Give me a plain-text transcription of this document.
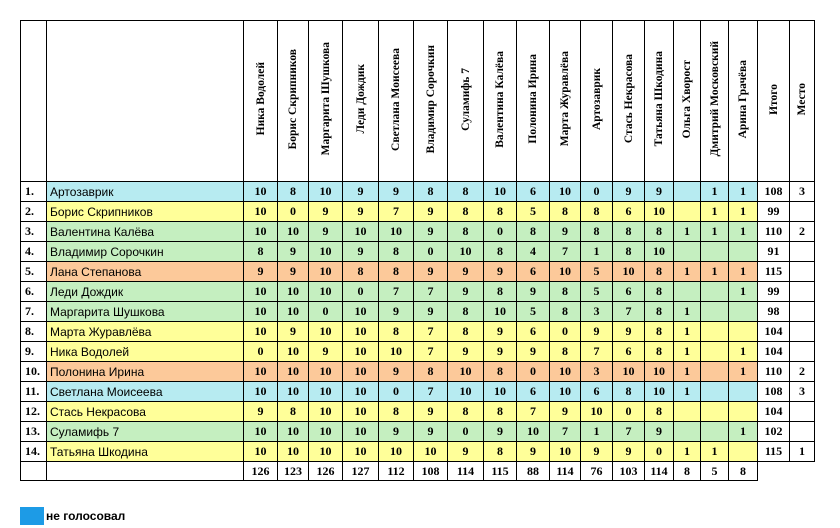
		Ника Водолей	Борис Скрипников	Маргарита Шушкова	Леди Дождик	Светлана Моисеева	Владимир Сорочкин	Суламифь 7	Валентина Калёва	Полонина Ирина	Марта Журавлёва	Артозаврик	Стась Некрасова	Татьяна Шкодина	Ольга Хворост	Дмитрий Московский	Арина Грачёва	Итого	Место
1.	Артозаврик	10	8	10	9	9	8	8	10	6	10	0	9	9		1	1	108	3
2.	Борис Скрипников	10	0	9	9	7	9	8	8	5	8	8	6	10		1	1	99	
3.	Валентина Калёва	10	10	9	10	10	9	8	0	8	9	8	8	8	1	1	1	110	2
4.	Владимир Сорочкин	8	9	10	9	8	0	10	8	4	7	1	8	10				91	
5.	Лана Степанова	9	9	10	8	8	9	9	9	6	10	5	10	8	1	1	1	115	
6.	Леди Дождик	10	10	10	0	7	7	9	8	9	8	5	6	8			1	99	
7.	Маргарита Шушкова	10	10	0	10	9	9	8	10	5	8	3	7	8	1			98	
8.	Марта Журавлёва	10	9	10	10	8	7	8	9	6	0	9	9	8	1			104	
9.	Ника Водолей	0	10	9	10	10	7	9	9	9	8	7	6	8	1		1	104	
10.	Полонина Ирина	10	10	10	10	9	8	10	8	0	10	3	10	10	1		1	110	2
11.	Светлана Моисеева	10	10	10	10	0	7	10	10	6	10	6	8	10	1			108	3
12.	Стась Некрасова	9	8	10	10	8	9	8	8	7	9	10	0	8				104	
13.	Суламифь 7	10	10	10	10	9	9	0	9	10	7	1	7	9			1	102	
14.	Татьяна Шкодина	10	10	10	10	10	10	9	8	9	10	9	9	0	1	1		115	1
		126	123	126	127	112	108	114	115	88	114	76	103	114	8	5	8		
не голосовал
